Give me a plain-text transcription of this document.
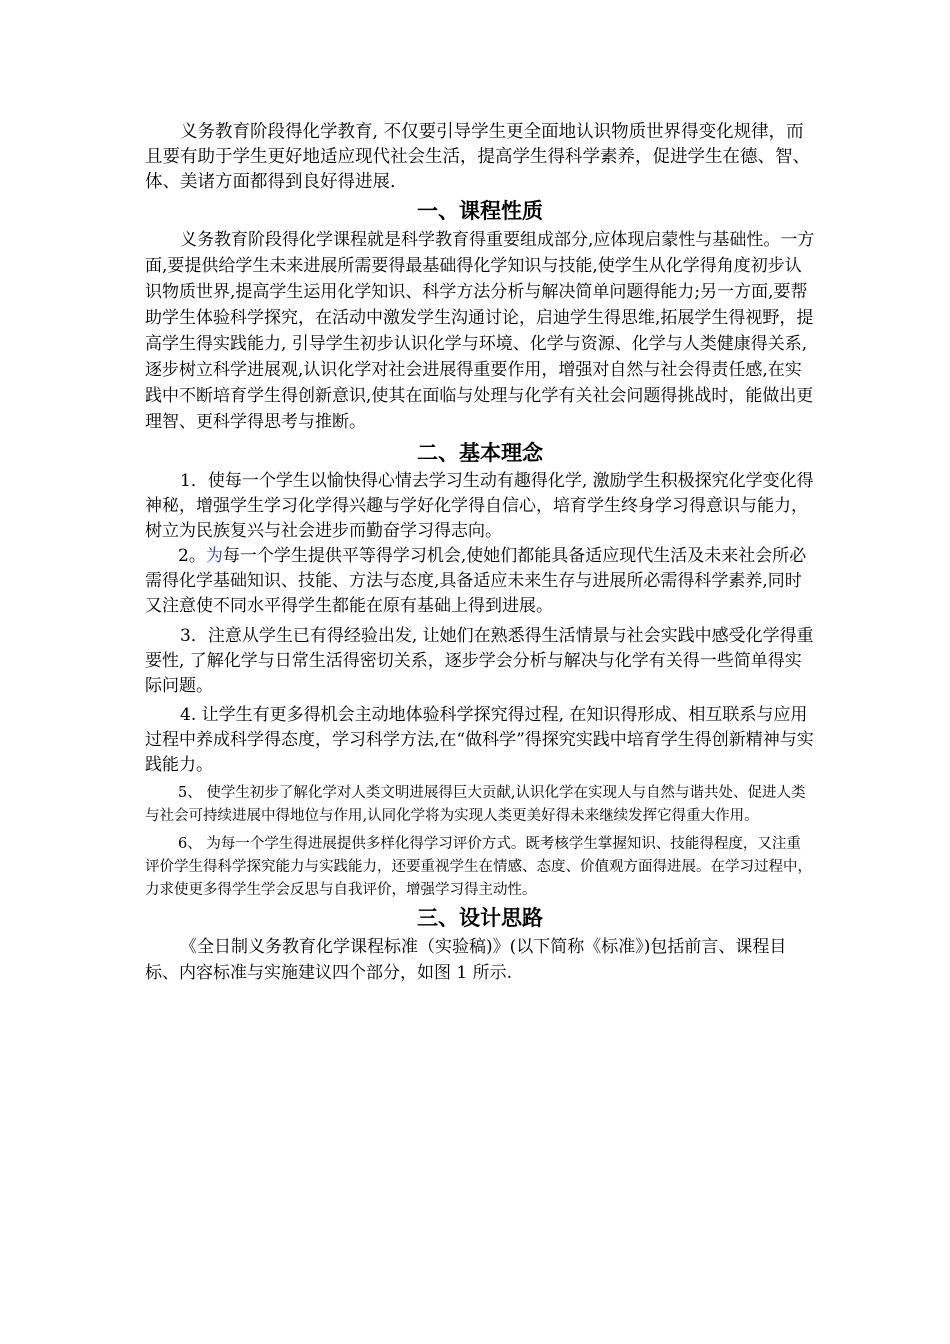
义务教育阶段得化学教育, 不仅要引导学生更全面地认识物质世界得变化规律，而且要有助于学生更好地适应现代社会生活，提高学生得科学素养，促进学生在德、智、体、美诸方面都得到良好得进展.

一、课程性质

义务教育阶段得化学课程就是科学教育得重要组成部分,应体现启蒙性与基础性。一方面,要提供给学生未来进展所需要得最基础得化学知识与技能,使学生从化学得角度初步认识物质世界,提高学生运用化学知识、科学方法分析与解决简单问题得能力;另一方面,要帮助学生体验科学探究，在活动中激发学生沟通讨论，启迪学生得思维,拓展学生得视野，提高学生得实践能力, 引导学生初步认识化学与环境、化学与资源、化学与人类健康得关系,逐步树立科学进展观,认识化学对社会进展得重要作用，增强对自然与社会得责任感,在实践中不断培育学生得创新意识,使其在面临与处理与化学有关社会问题得挑战时，能做出更理智、更科学得思考与推断。

二、基本理念

1．使每一个学生以愉快得心情去学习生动有趣得化学, 激励学生积极探究化学变化得神秘，增强学生学习化学得兴趣与学好化学得自信心，培育学生终身学习得意识与能力，树立为民族复兴与社会进步而勤奋学习得志向。

2。为每一个学生提供平等得学习机会,使她们都能具备适应现代生活及未来社会所必需得化学基础知识、技能、方法与态度,具备适应未来生存与进展所必需得科学素养,同时又注意使不同水平得学生都能在原有基础上得到进展。

3．注意从学生已有得经验出发, 让她们在熟悉得生活情景与社会实践中感受化学得重要性, 了解化学与日常生活得密切关系，逐步学会分析与解决与化学有关得一些简单得实际问题。

4. 让学生有更多得机会主动地体验科学探究得过程, 在知识得形成、相互联系与应用过程中养成科学得态度，学习科学方法,在“做科学”得探究实践中培育学生得创新精神与实践能力。

5、 使学生初步了解化学对人类文明进展得巨大贡献,认识化学在实现人与自然与谐共处、促进人类与社会可持续进展中得地位与作用,认同化学将为实现人类更美好得未来继续发挥它得重大作用。

6、 为每一个学生得进展提供多样化得学习评价方式。既考核学生掌握知识、技能得程度，又注重评价学生得科学探究能力与实践能力，还要重视学生在情感、态度、价值观方面得进展。在学习过程中，力求使更多得学生学会反思与自我评价，增强学习得主动性。

三、设计思路

《全日制义务教育化学课程标准（实验稿)》(以下简称《标准》)包括前言、课程目标、内容标准与实施建议四个部分，如图 1 所示.
